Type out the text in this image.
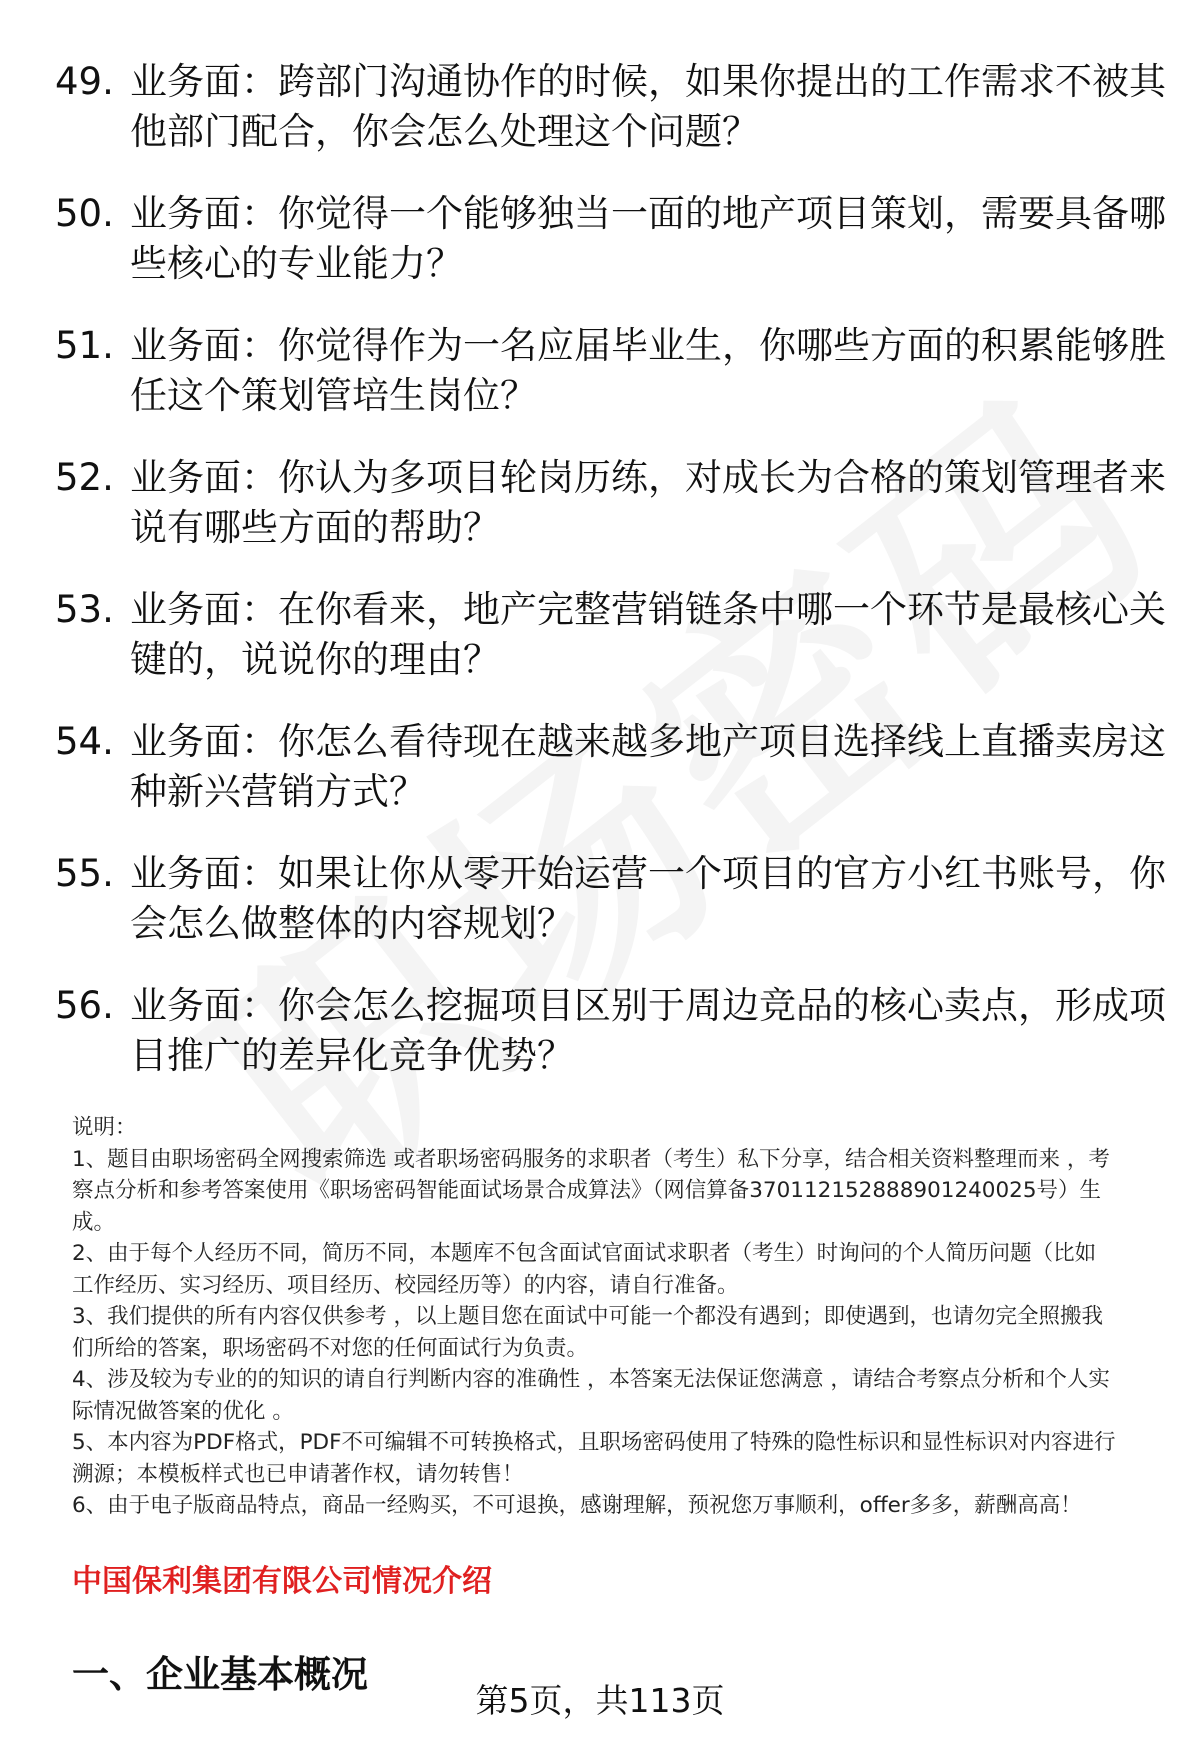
49. 业务面：跨部门沟通协作的时候，如果你提出的工作需求不被其
他部门配合，你会怎么处理这个问题？
50. 业务面：你觉得一个能够独当一面的地产项目策划，需要具备哪
些核心的专业能力？
51. 业务面：你觉得作为一名应届毕业生，你哪些方面的积累能够胜
任这个策划管培生岗位？
52. 业务面：你认为多项目轮岗历练，对成长为合格的策划管理者来
说有哪些方面的帮助？
53. 业务面：在你看来，地产完整营销链条中哪一个环节是最核心关
键的，说说你的理由？
54. 业务面：你怎么看待现在越来越多地产项目选择线上直播卖房这
种新兴营销方式？
55. 业务面：如果让你从零开始运营一个项目的官方小红书账号，你
会怎么做整体的内容规划？
56. 业务面：你会怎么挖掘项目区别于周边竞品的核心卖点，形成项
目推广的差异化竞争优势？
说明：
1、题目由职场密码全网搜索筛选 或者职场密码服务的求职者（考生）私下分享，结合相关资料整理而来 ，考
察点分析和参考答案使用《职场密码智能面试场景合成算法》（网信算备370112152888901240025号）生
成。
2、由于每个人经历不同，简历不同，本题库不包含面试官面试求职者（考生）时询问的个人简历问题（比如
工作经历、实习经历、项目经历、校园经历等）的内容，请自行准备。
3、我们提供的所有内容仅供参考 ，以上题目您在面试中可能一个都没有遇到；即使遇到，也请勿完全照搬我
们所给的答案，职场密码不对您的任何面试行为负责。
4、涉及较为专业的的知识的请自行判断内容的准确性 ，本答案无法保证您满意 ，请结合考察点分析和个人实
际情况做答案的优化 。
5、本内容为PDF格式，PDF不可编辑不可转换格式，且职场密码使用了特殊的隐性标识和显性标识对内容进行
溯源；本模板样式也已申请著作权，请勿转售！
6、由于电子版商品特点，商品一经购买，不可退换，感谢理解，预祝您万事顺利，offer多多，薪酬高高！
中国保利集团有限公司情况介绍
一、企业基本概况
第5页，共113页
